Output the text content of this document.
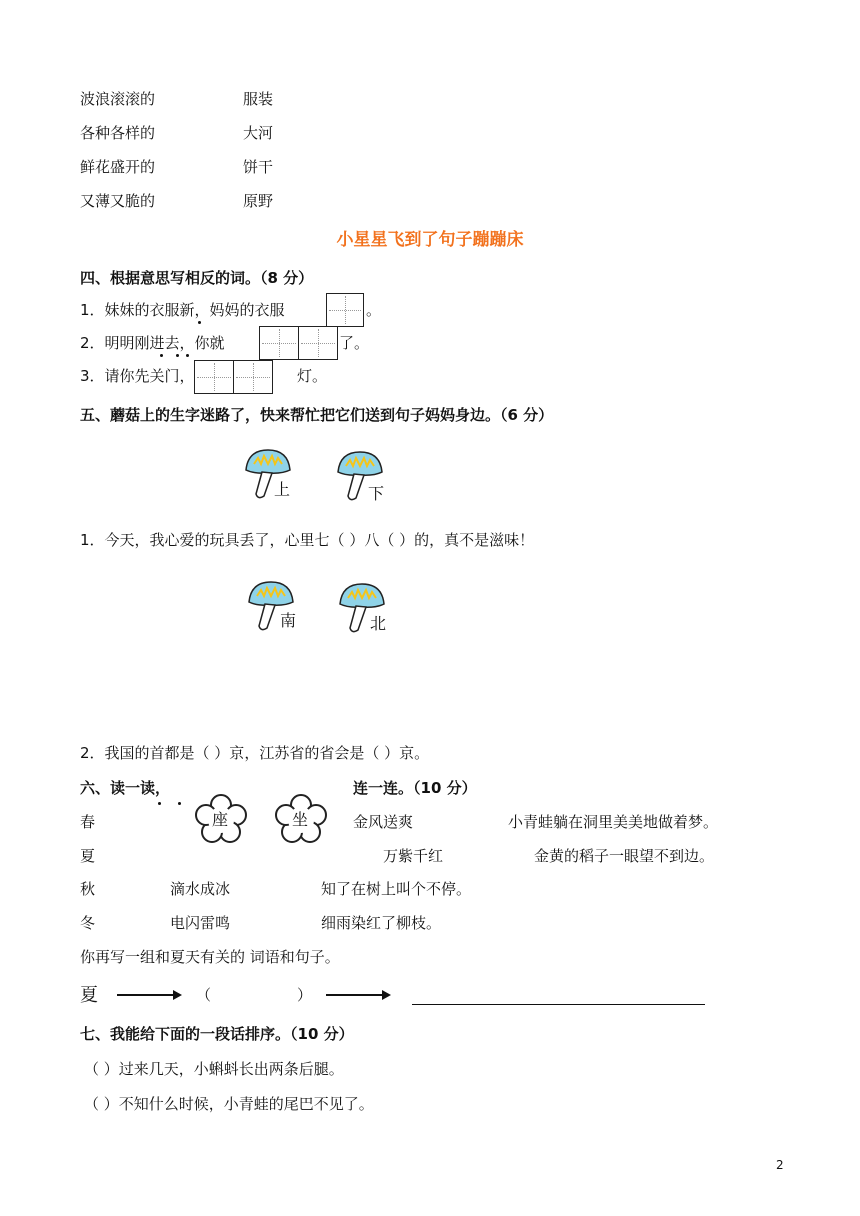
波浪滚滚的	服装
各种各样的	大河
鲜花盛开的	饼干
又薄又脆的	原野
小星星飞到了句子蹦蹦床
四、根据意思写相反的词。（8 分）
1．妹妹的衣服新，妈妈的衣服	。
2．明明刚进去，你就	了。
3．请你先关门，	灯。
五、蘑菇上的生字迷路了，快来帮忙把它们送到句子妈妈身边。（6 分）
上	下
1．今天，我心爱的玩具丢了，心里七（ ）八（ ）的，真不是滋味！
南	北
2．我国的首都是（ ）京，江苏省的省会是（ ）京。
六、读一读，	连一连。（10 分）
座	坐
春	金风送爽	小青蛙躺在洞里美美地做着梦。
夏	万紫千红	金黄的稻子一眼望不到边。
秋	滴水成冰	知了在树上叫个不停。
冬	电闪雷鸣	细雨染红了柳枝。
你再写一组和夏天有关的 词语和句子。
夏	（	）
七、我能给下面的一段话排序。（10 分）
（ ）过来几天，小蝌蚪长出两条后腿。
（ ）不知什么时候，小青蛙的尾巴不见了。
2
